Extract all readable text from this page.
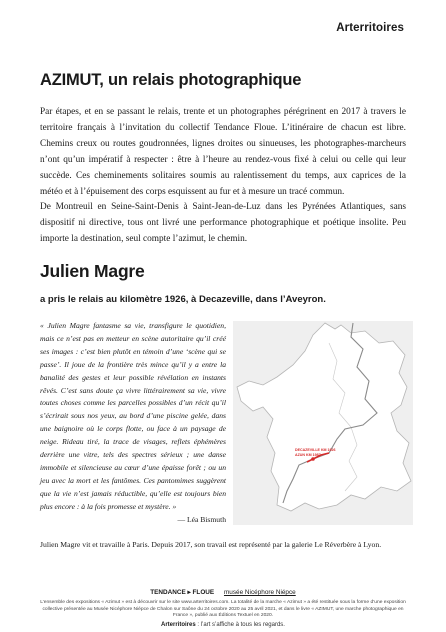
Arterritoires
AZIMUT, un relais photographique

Par étapes, et en se passant le relais, trente et un photographes pérégrinent en 2017 à travers le territoire français à l’invitation du collectif Tendance Floue. L’itinéraire de chacun est libre. Chemins creux ou routes goudronnées, lignes droites ou sinueuses, les photographes-marcheurs n’ont qu’un impératif à respecter : être à l’heure au rendez-vous fixé à celui ou celle qui leur succède. Ces cheminements solitaires soumis au ralentissement du temps, aux caprices de la météo et à l’épuisement des corps esquissent au fur et à mesure un tracé commun.

De Montreuil en Seine-Saint-Denis à Saint-Jean-de-Luz dans les Pyrénées Atlantiques, sans dispositif ni directive, tous ont livré une performance photographique et poétique insolite. Peu importe la destination, seul compte l’azimut, le chemin.

Julien Magre
a pris le relais au kilomètre 1926, à Decazeville, dans l’Aveyron.

« Julien Magre fantasme sa vie, transfigure le quotidien, mais ce n’est pas en metteur en scène autoritaire qu’il créé ses images : c’est bien plutôt en témoin d’une ‘scène qui se passe’. Il joue de la frontière très mince qu’il y a entre la banalité des gestes et leur possible révélation en instants rêvés. C’est sans doute ça vivre littérairement sa vie, vivre toutes choses comme les parcelles possibles d’un récit qu’il s’écrirait sous nos yeux, au bord d’une piscine gelée, dans une baignoire où le corps flotte, ou face à un paysage de neige. Rideau tiré, la trace de visages, reflets éphémères derrière une vitre, tels des spectres sérieux ; une danse immobile et silencieuse au cœur d’une épaisse forêt ; ou un jeu avec la mort et les fantômes. Ces pantomimes suggèrent que la vie n’est jamais réductible, qu’elle est toujours bien plus encore : à la fois promesse et mystère. »

— Léa Bismuth

DECAZEVILLE KM 1926
AZUN KM 1987
Julien Magre vit et travaille à Paris. Depuis 2017, son travail est représenté par la galerie Le Réverbère à Lyon.
TENDANCE ▸ FLOUE musée Nicéphore Niépce

L’ensemble des expositions « Azimut » est à découvrir sur le site www.arterritoires.com. La totalité de la marche « Azimut » a été restituée sous la forme d’une exposition collective présentée au Musée Nicéphore Niépce de Chalon sur Saône du 24 octobre 2020 au 25 avril 2021, et dans le livre « AZIMUT, une marche photographique en France », publié aux Éditions Textuel en 2020.

Arterritoires : l’art s’affiche à tous les regards.
